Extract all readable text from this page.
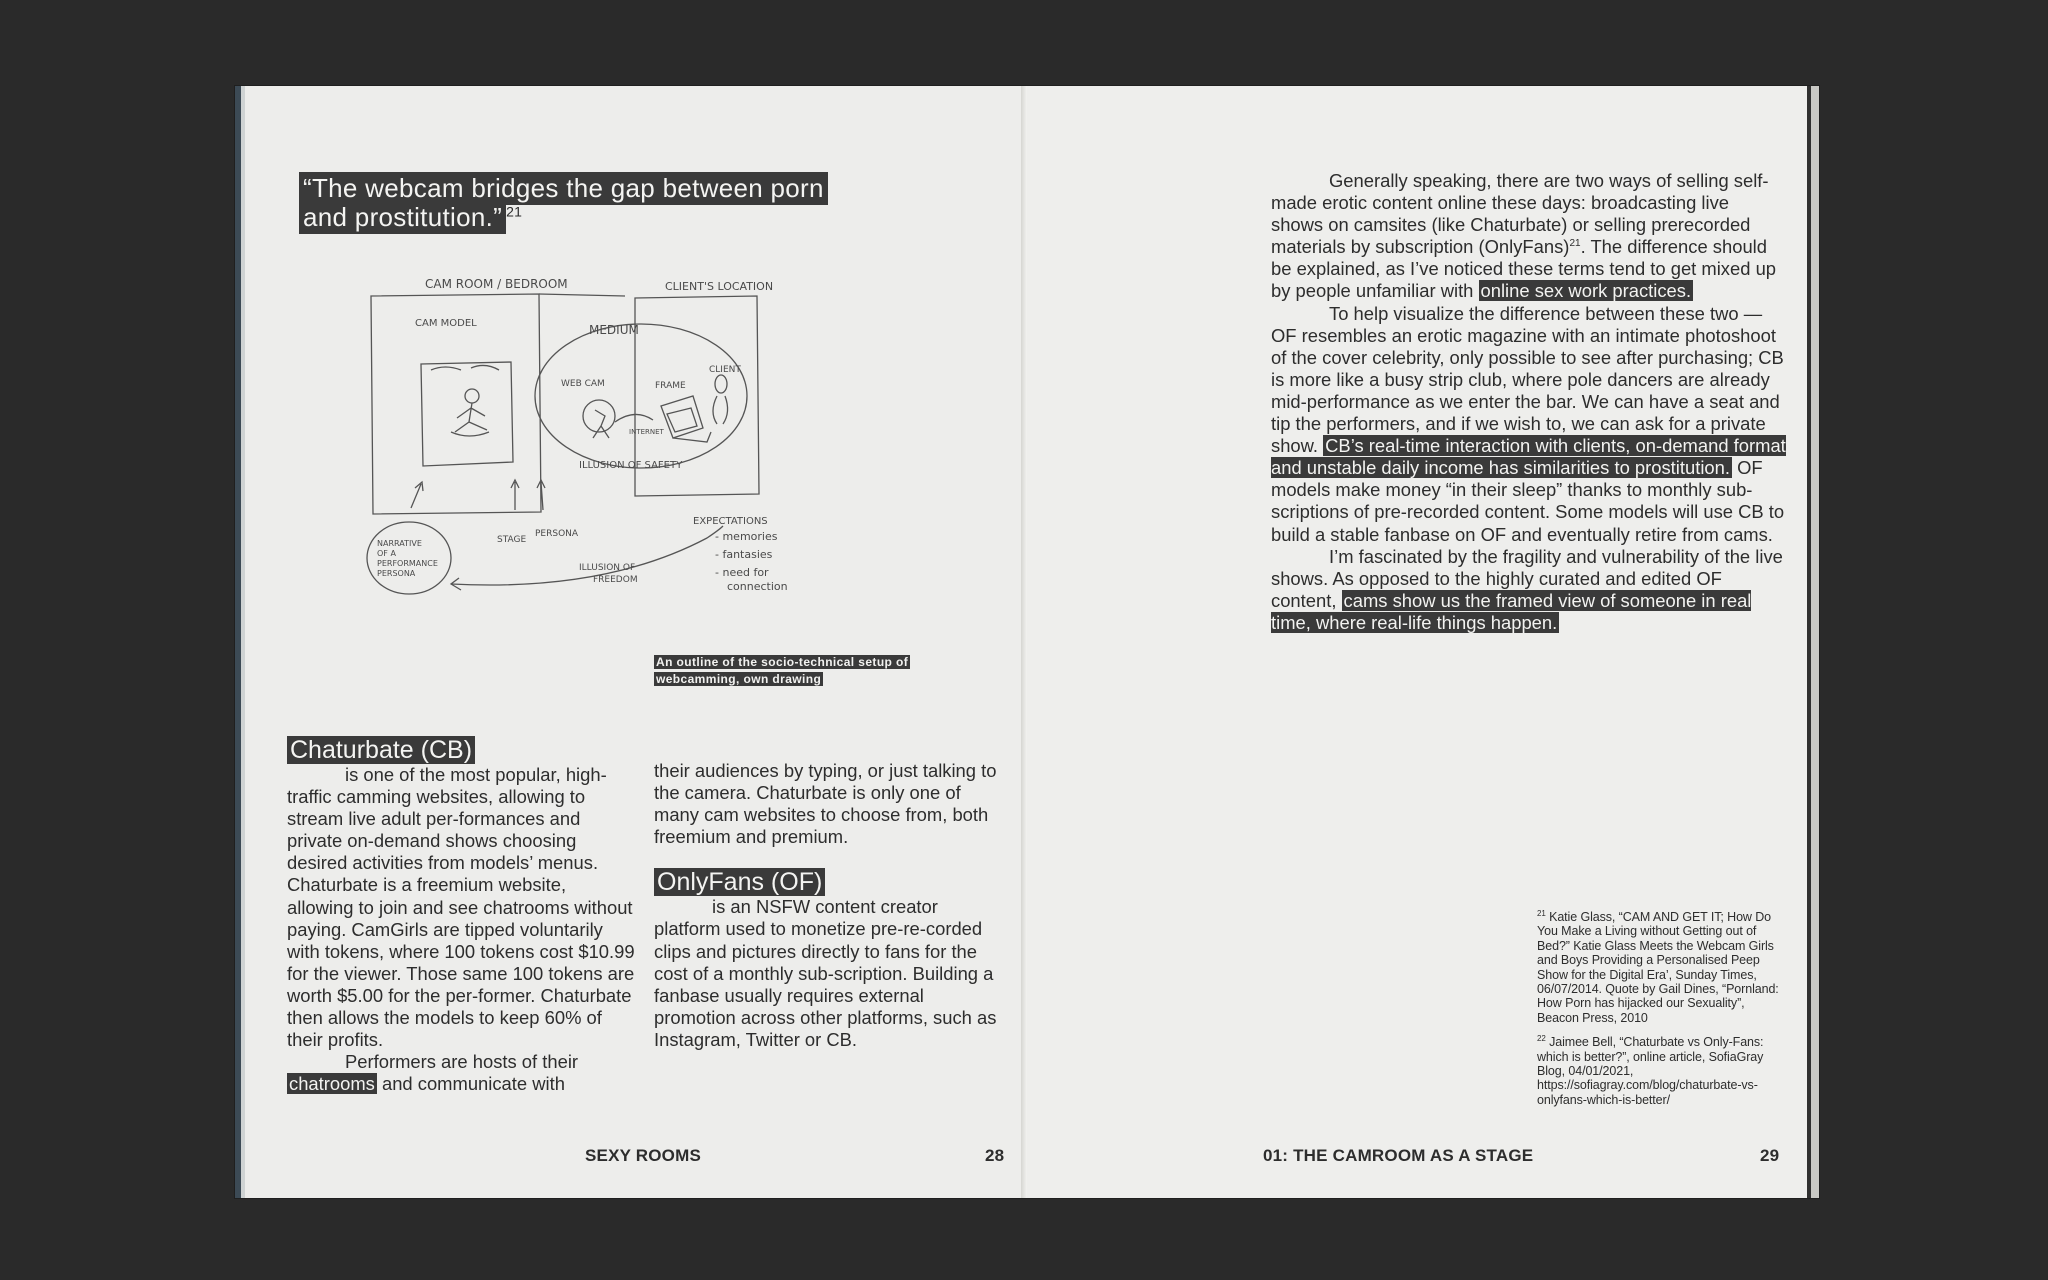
“The webcam bridges the gap between porn and prostitution.” $^{21}$
CAM ROOM / BEDROOM	CLIENT'S LOCATION
CAM MODEL	MEDIUM
WEB CAM
INTERNET
FRAME
CLIENT
ILLUSION OF SAFETY
EXPECTATIONS
- memories
- fantasies
- need for
connection
STAGE
PERSONA
ILLUSION OF
FREEDOM
NARRATIVE
OF A
PERFORMANCE
PERSONA
An outline of the socio-technical setup of webcamming, own drawing
Chaturbate (CB)

is one of the most popular, high-traffic camming websites, allowing to stream live adult per-formances and private on-demand shows choosing desired activities from models’ menus. Chaturbate is a freemium website, allowing to join and see chatrooms without paying. CamGirls are tipped voluntarily with tokens, where 100 tokens cost $10.99 for the viewer. Those same 100 tokens are worth $5.00 for the per-former. Chaturbate then allows the models to keep 60% of their profits.

Performers are hosts of their chatrooms and communicate with

their audiences by typing, or just talking to the camera. Chaturbate is only one of many cam websites to choose from, both freemium and premium.

OnlyFans (OF)

is an NSFW content creator platform used to monetize pre-re-corded clips and pictures directly to fans for the cost of a monthly sub-scription. Building a fanbase usually requires external promotion across other platforms, such as Instagram, Twitter or CB.

SEXY ROOMS	28

Generally speaking, there are two ways of selling self-made erotic content online these days: broadcasting live shows on camsites (like Chaturbate) or selling prerecorded materials by subscription (OnlyFans)$^{21}$. The difference should be explained, as I’ve noticed these terms tend to get mixed up by people unfamiliar with online sex work practices.

To help visualize the difference between these two — OF resembles an erotic magazine with an intimate photoshoot of the cover celebrity, only possible to see after purchasing; CB is more like a busy strip club, where pole dancers are already mid-performance as we enter the bar. We can have a seat and tip the performers, and if we wish to, we can ask for a private show. CB’s real-time interaction with clients, on-demand format and unstable daily income has similarities to prostitution. OF models make money “in their sleep” thanks to monthly sub-scriptions of pre-recorded content. Some models will use CB to build a stable fanbase on OF and eventually retire from cams.

I’m fascinated by the fragility and vulnerability of the live shows. As opposed to the highly curated and edited OF content, cams show us the framed view of someone in real time, where real-life things happen.

$^{21}$ Katie Glass, “CAM AND GET IT; How Do You Make a Living without Getting out of Bed?” Katie Glass Meets the Webcam Girls and Boys Providing a Personalised Peep Show for the Digital Era’, Sunday Times, 06/07/2014. Quote by Gail Dines, “Pornland: How Porn has hijacked our Sexuality”, Beacon Press, 2010

$^{22}$ Jaimee Bell, “Chaturbate vs Only-Fans: which is better?”, online article, SofiaGray Blog, 04/01/2021, https://sofiagray.com/blog/chaturbate-vs-onlyfans-which-is-better/

01: THE CAMROOM AS A STAGE	29
